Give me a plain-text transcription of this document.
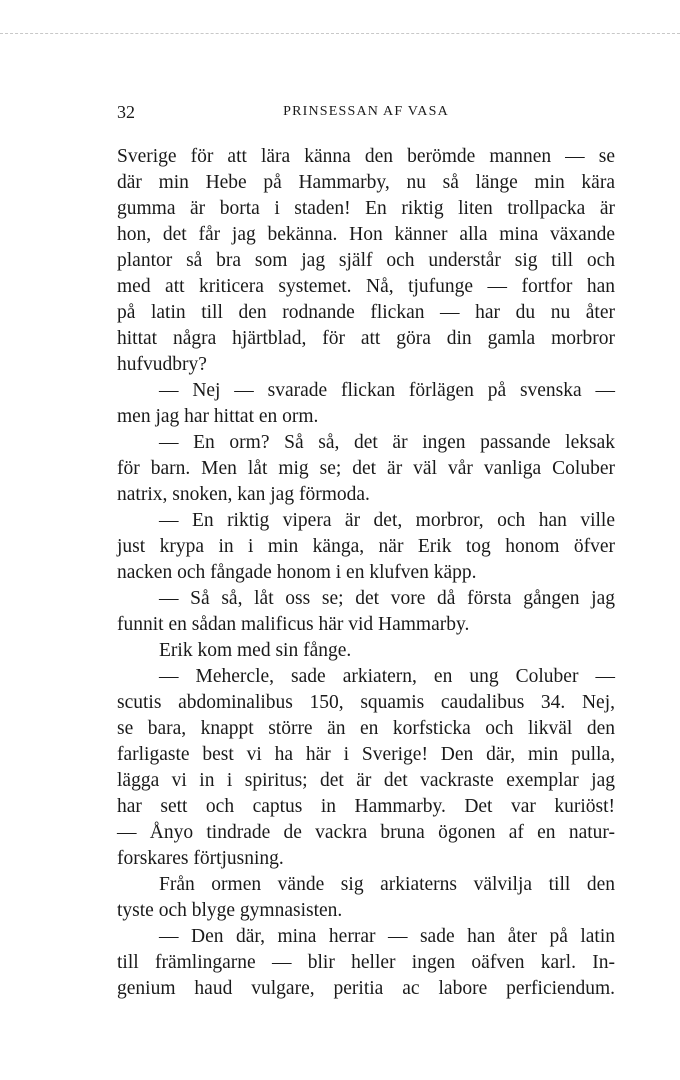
32	PRINSESSAN AF VASA
Sverige för att lära känna den berömde mannen — se
där min Hebe på Hammarby, nu så länge min kära
gumma är borta i staden! En riktig liten trollpacka är
hon, det får jag bekänna. Hon känner alla mina växande
plantor så bra som jag själf och understår sig till och
med att kriticera systemet. Nå, tjufunge — fortfor han
på latin till den rodnande flickan — har du nu åter
hittat några hjärtblad, för att göra din gamla morbror
hufvudbry?
— Nej — svarade flickan förlägen på svenska —
men jag har hittat en orm.
— En orm? Så så, det är ingen passande leksak
för barn. Men låt mig se; det är väl vår vanliga Coluber
natrix, snoken, kan jag förmoda.
— En riktig vipera är det, morbror, och han ville
just krypa in i min känga, när Erik tog honom öfver
nacken och fångade honom i en klufven käpp.
— Så så, låt oss se; det vore då första gången jag
funnit en sådan malificus här vid Hammarby.
Erik kom med sin fånge.
— Mehercle, sade arkiatern, en ung Coluber —
scutis abdominalibus 150, squamis caudalibus 34. Nej,
se bara, knappt större än en korfsticka och likväl den
farligaste best vi ha här i Sverige! Den där, min pulla,
lägga vi in i spiritus; det är det vackraste exemplar jag
har sett och captus in Hammarby. Det var kuriöst!
— Ånyo tindrade de vackra bruna ögonen af en natur-
forskares förtjusning.
Från ormen vände sig arkiaterns välvilja till den
tyste och blyge gymnasisten.
— Den där, mina herrar — sade han åter på latin
till främlingarne — blir heller ingen oäfven karl. In-
genium haud vulgare, peritia ac labore perficiendum.
